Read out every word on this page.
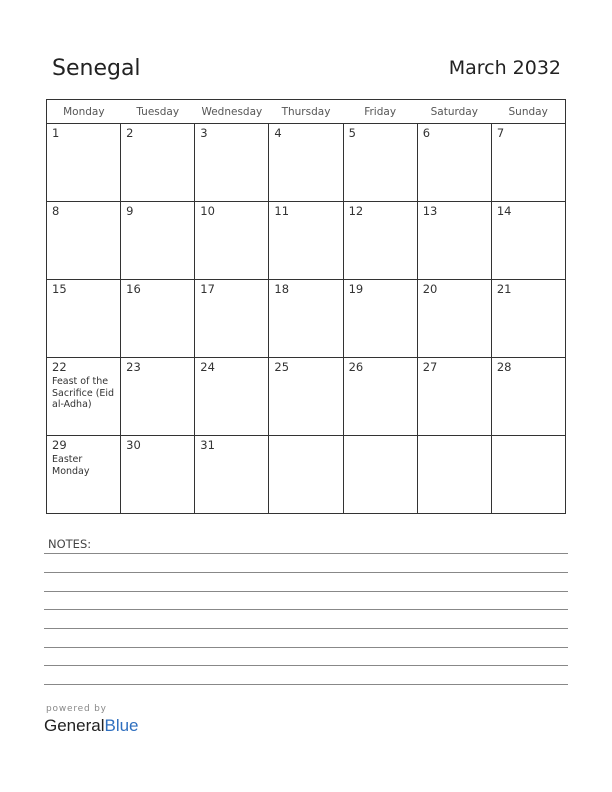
Senegal	March 2032
Monday	Tuesday	Wednesday	Thursday	Friday	Saturday	Sunday

1	2	3	4	5	6	7

8	9	10	11	12	13	14

15	16	17	18	19	20	21

22
Feast of the Sacrifice (Eid al-Adha)	23	24	25	26	27	28

29
Easter Monday	30	31				

NOTES:
powered by
GeneralBlue
